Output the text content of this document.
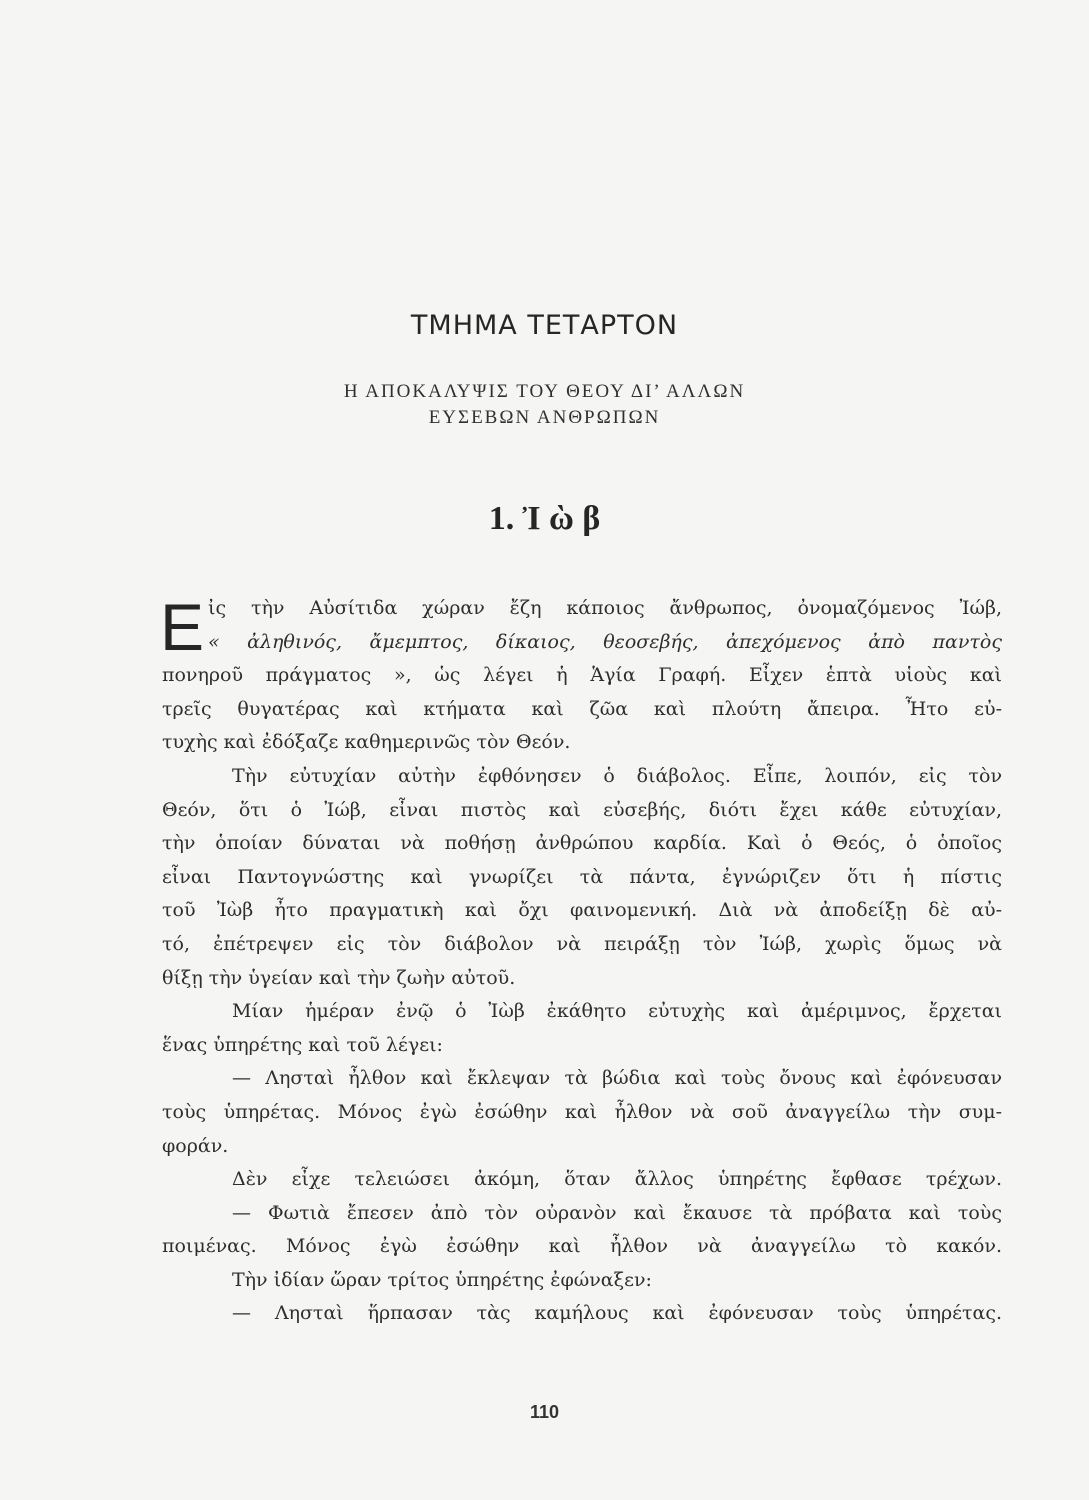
ΤΜΗΜΑ ΤΕΤΑΡΤΟΝ
Η ΑΠΟΚΑΛΥΨΙΣ ΤΟΥ ΘΕΟΥ ΔΙ’ ΑΛΛΩΝ
ΕΥΣΕΒΩΝ ΑΝΘΡΩΠΩΝ
1. Ἰ ὼ β
Ε ἰς τὴν Αὐσίτιδα χώραν ἔζη κάποιος ἄνθρωπος, ὀνομαζόμενος Ἰώβ,
« ἀληθινός, ἄμεμπτος, δίκαιος, θεοσεβής, ἀπεχόμενος ἀπὸ παντὸς
πονηροῦ πράγματος », ὡς λέγει ἡ Ἁγία Γραφή. Εἶχεν ἑπτὰ υἱοὺς καὶ
τρεῖς θυγατέρας καὶ κτήματα καὶ ζῶα καὶ πλούτη ἄπειρα. Ἦτο εὐ-
τυχὴς καὶ ἐδόξαζε καθημερινῶς τὸν Θεόν.
Τὴν εὐτυχίαν αὐτὴν ἐφθόνησεν ὁ διάβολος. Εἶπε, λοιπόν, εἰς τὸν
Θεόν, ὅτι ὁ Ἰώβ, εἶναι πιστὸς καὶ εὐσεβής, διότι ἔχει κάθε εὐτυχίαν,
τὴν ὁποίαν δύναται νὰ ποθήσῃ ἀνθρώπου καρδία. Καὶ ὁ Θεός, ὁ ὁποῖος
εἶναι Παντογνώστης καὶ γνωρίζει τὰ πάντα, ἐγνώριζεν ὅτι ἡ πίστις
τοῦ Ἰὼβ ἦτο πραγματικὴ καὶ ὄχι φαινομενική. Διὰ νὰ ἀποδείξῃ δὲ αὐ-
τό, ἐπέτρεψεν εἰς τὸν διάβολον νὰ πειράξῃ τὸν Ἰώβ, χωρὶς ὅμως νὰ
θίξῃ τὴν ὑγείαν καὶ τὴν ζωὴν αὐτοῦ.
Μίαν ἡμέραν ἐνῷ ὁ Ἰὼβ ἐκάθητο εὐτυχὴς καὶ ἀμέριμνος, ἔρχεται
ἕνας ὑπηρέτης καὶ τοῦ λέγει:
— Λησταὶ ἦλθον καὶ ἔκλεψαν τὰ βώδια καὶ τοὺς ὄνους καὶ ἐφόνευσαν
τοὺς ὑπηρέτας. Μόνος ἐγὼ ἐσώθην καὶ ἦλθον νὰ σοῦ ἀναγγείλω τὴν συμ-
φοράν.
Δὲν εἶχε τελειώσει ἀκόμη, ὅταν ἄλλος ὑπηρέτης ἔφθασε τρέχων.
— Φωτιὰ ἔπεσεν ἀπὸ τὸν οὐρανὸν καὶ ἔκαυσε τὰ πρόβατα καὶ τοὺς
ποιμένας. Μόνος ἐγὼ ἐσώθην καὶ ἦλθον νὰ ἀναγγείλω τὸ κακόν.
Τὴν ἰδίαν ὥραν τρίτος ὑπηρέτης ἐφώναξεν:
— Λησταὶ ἥρπασαν τὰς καμήλους καὶ ἐφόνευσαν τοὺς ὑπηρέτας.
110
